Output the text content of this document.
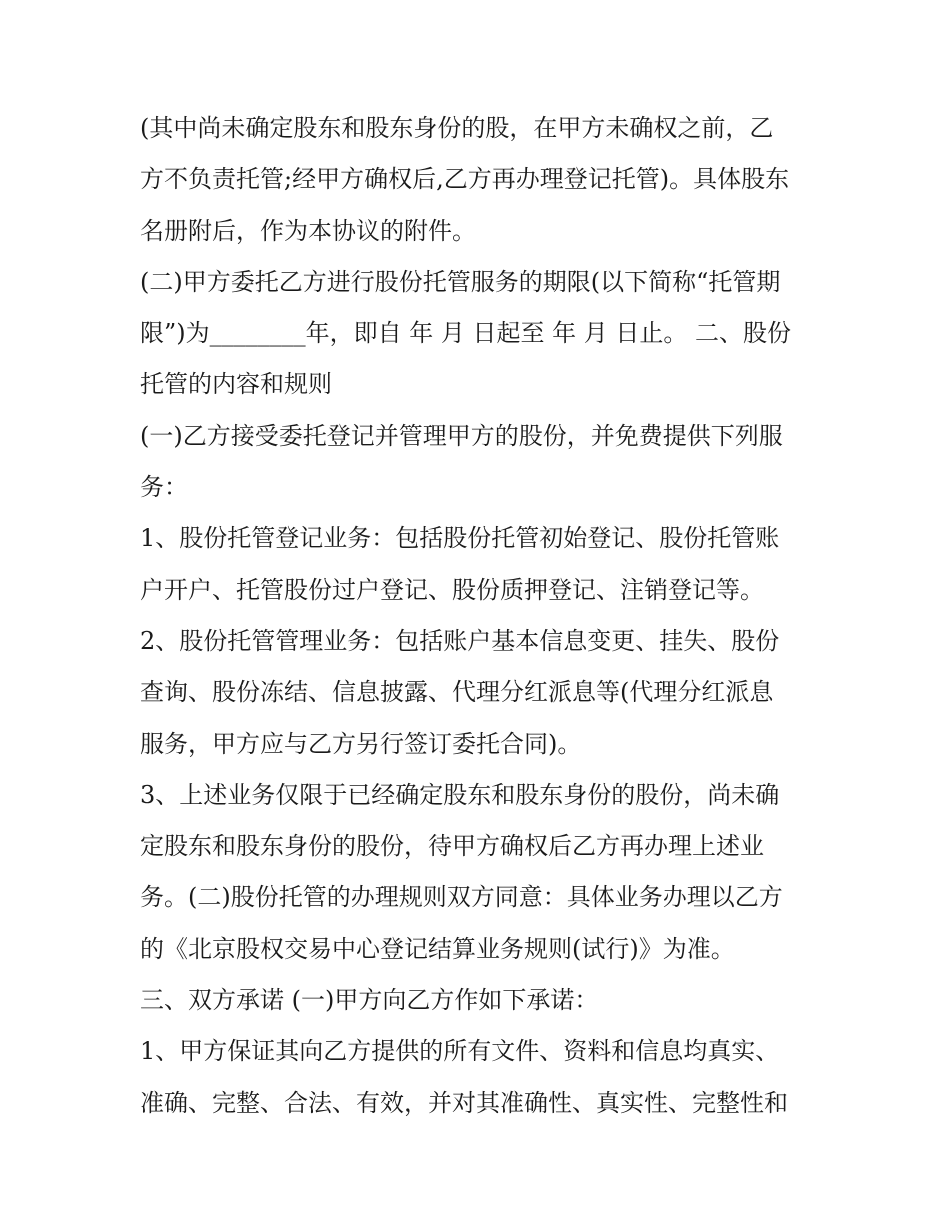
(其中尚未确定股东和股东身份的股，在甲方未确权之前，乙
方不负责托管;经甲方确权后,乙方再办理登记托管)。具体股东
名册附后，作为本协议的附件。
(二)甲方委托乙方进行股份托管服务的期限(以下简称“托管期
限”)为________年，即自 年 月 日起至 年 月 日止。 二、股份
托管的内容和规则
(一)乙方接受委托登记并管理甲方的股份，并免费提供下列服
务：
1、股份托管登记业务：包括股份托管初始登记、股份托管账
户开户、托管股份过户登记、股份质押登记、注销登记等。
2、股份托管管理业务：包括账户基本信息变更、挂失、股份
查询、股份冻结、信息披露、代理分红派息等(代理分红派息
服务，甲方应与乙方另行签订委托合同)。
3、上述业务仅限于已经确定股东和股东身份的股份，尚未确
定股东和股东身份的股份，待甲方确权后乙方再办理上述业
务。(二)股份托管的办理规则双方同意：具体业务办理以乙方
的《北京股权交易中心登记结算业务规则(试行)》为准。
三、双方承诺 (一)甲方向乙方作如下承诺：
1、甲方保证其向乙方提供的所有文件、资料和信息均真实、
准确、完整、合法、有效，并对其准确性、真实性、完整性和
